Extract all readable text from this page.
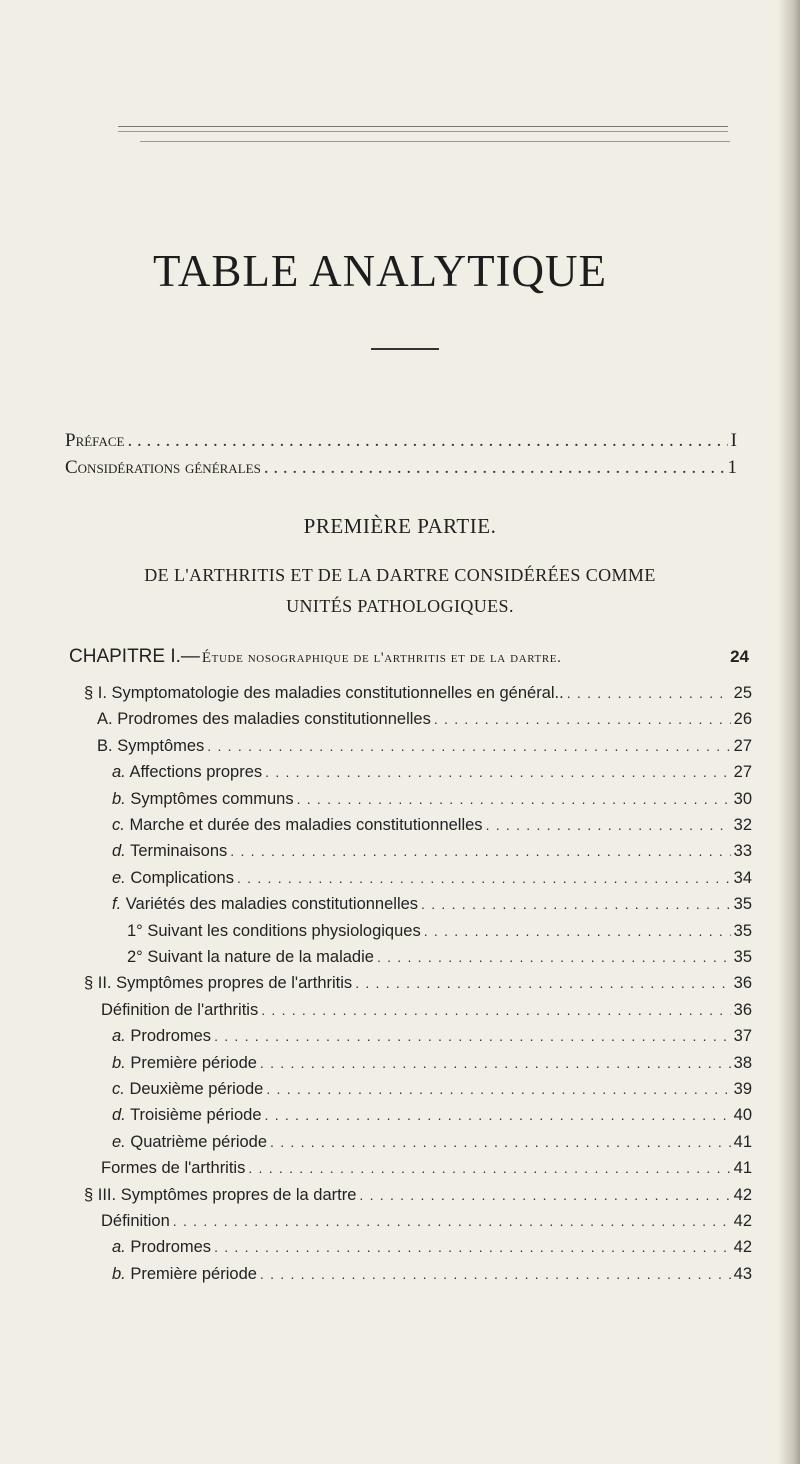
TABLE ANALYTIQUE
Préface . . .	I
Considérations générales . . .	1
PREMIÈRE PARTIE.
DE L'ARTHRITIS ET DE LA DARTRE CONSIDÉRÉES COMME
UNITÉS PATHOLOGIQUES.
CHAPITRE I.— Étude nosographique de l'arthritis et de la dartre.	24
§ I. Symptomatologie des maladies constitutionnelles en général.. . . .	25
A. Prodromes des maladies constitutionnelles . . .	26
B. Symptômes . . .	27
a. Affections propres . . .	27
b. Symptômes communs . . .	30
c. Marche et durée des maladies constitutionnelles . . .	32
d. Terminaisons . . .	33
e. Complications . . .	34
f. Variétés des maladies constitutionnelles . . .	35
1° Suivant les conditions physiologiques . . .	35
2° Suivant la nature de la maladie . . .	35
§ II. Symptômes propres de l'arthritis . . .	36
Définition de l'arthritis . . .	36
a. Prodromes . . .	37
b. Première période . . .	38
c. Deuxième période . . .	39
d. Troisième période . . .	40
e. Quatrième période . . .	41
Formes de l'arthritis . . .	41
§ III. Symptômes propres de la dartre . . .	42
Définition . . .	42
a. Prodromes . . .	42
b. Première période . . .	43
